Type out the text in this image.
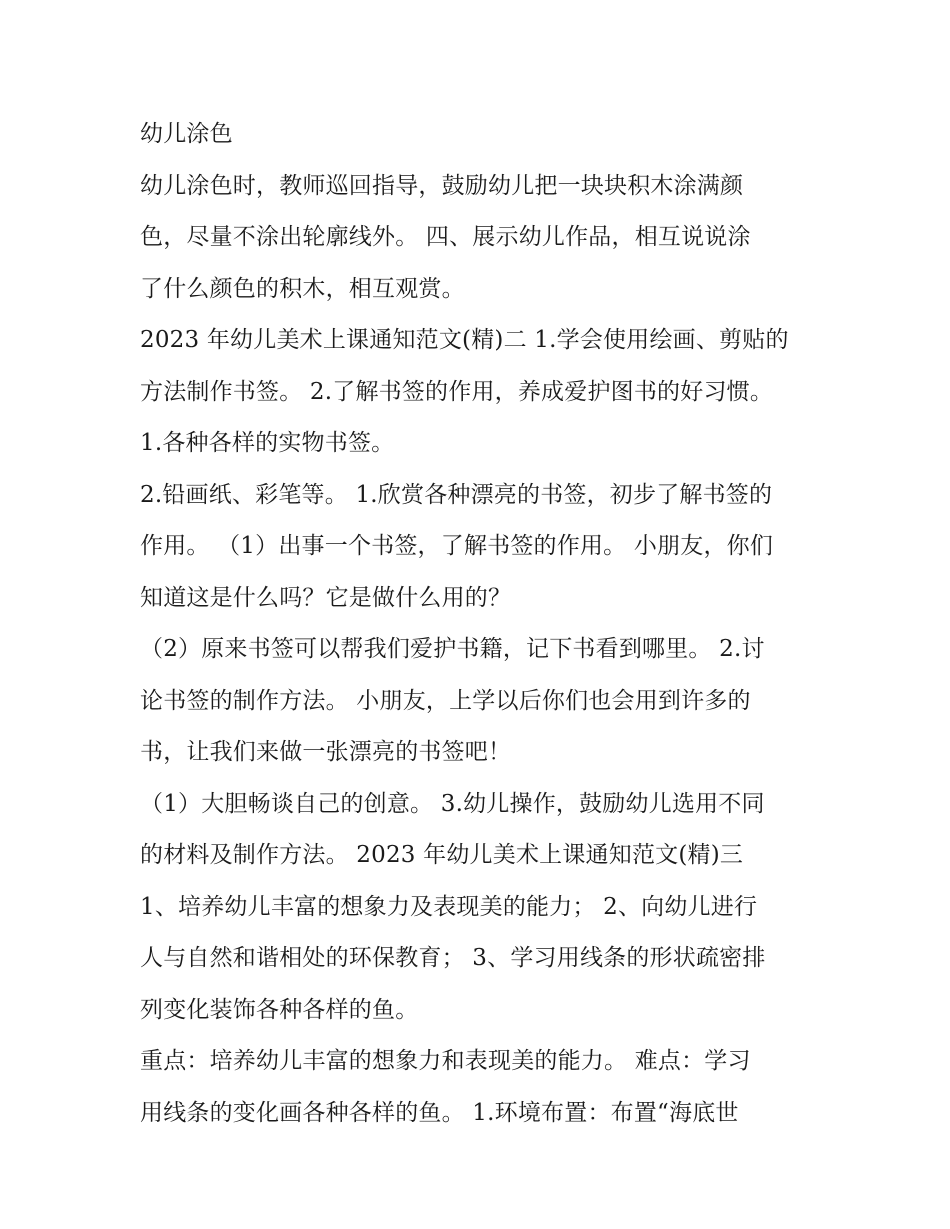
幼儿涂色
幼儿涂色时，教师巡回指导，鼓励幼儿把一块块积木涂满颜
色，尽量不涂出轮廓线外。 四、展示幼儿作品，相互说说涂
了什么颜色的积木，相互观赏。
2023 年幼儿美术上课通知范文(精)二 1.学会使用绘画、剪贴的
方法制作书签。 2.了解书签的作用，养成爱护图书的好习惯。
1.各种各样的实物书签。
2.铅画纸、彩笔等。 1.欣赏各种漂亮的书签，初步了解书签的
作用。 （1）出事一个书签，了解书签的作用。 小朋友，你们
知道这是什么吗？它是做什么用的？
（2）原来书签可以帮我们爱护书籍，记下书看到哪里。 2.讨
论书签的制作方法。 小朋友，上学以后你们也会用到许多的
书，让我们来做一张漂亮的书签吧！
（1）大胆畅谈自己的创意。 3.幼儿操作，鼓励幼儿选用不同
的材料及制作方法。 2023 年幼儿美术上课通知范文(精)三
1、培养幼儿丰富的想象力及表现美的能力； 2、向幼儿进行
人与自然和谐相处的环保教育； 3、学习用线条的形状疏密排
列变化装饰各种各样的鱼。
重点：培养幼儿丰富的想象力和表现美的能力。 难点：学习
用线条的变化画各种各样的鱼。 1.环境布置：布置“海底世
